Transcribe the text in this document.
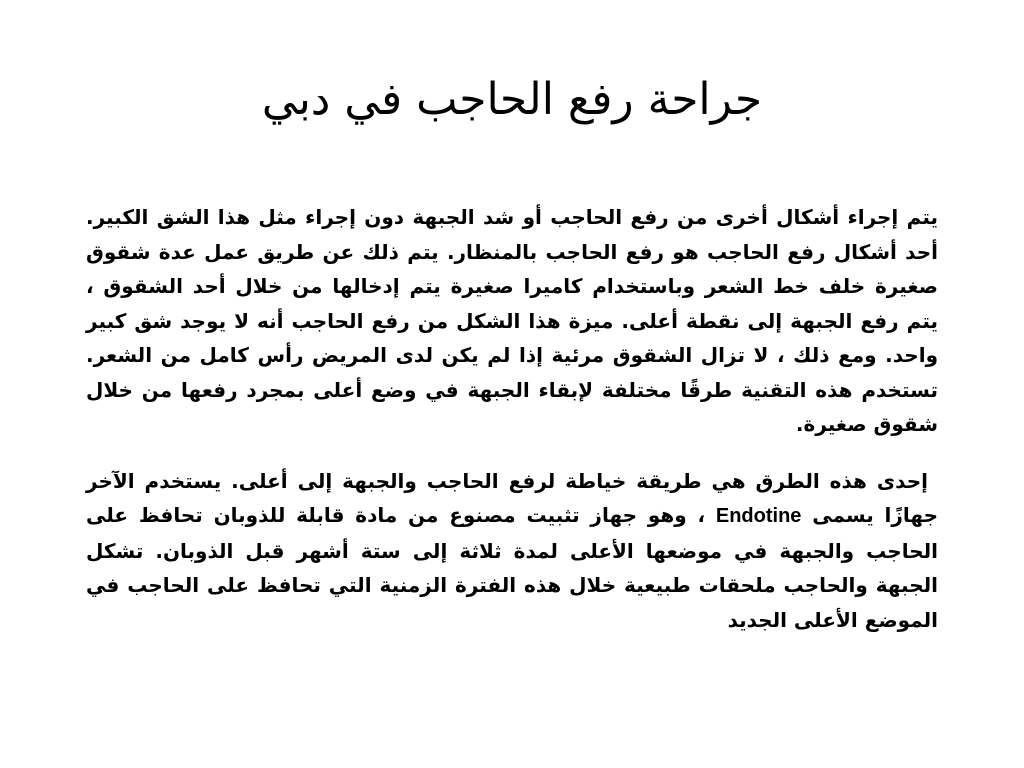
جراحة رفع الحاجب في دبي

يتم إجراء أشكال أخرى من رفع الحاجب أو شد الجبهة دون إجراء مثل هذا الشق الكبير. أحد أشكال رفع الحاجب هو رفع الحاجب بالمنظار. يتم ذلك عن طريق عمل عدة شقوق صغيرة خلف خط الشعر وباستخدام كاميرا صغيرة يتم إدخالها من خلال أحد الشقوق ، يتم رفع الجبهة إلى نقطة أعلى. ميزة هذا الشكل من رفع الحاجب أنه لا يوجد شق كبير واحد. ومع ذلك ، لا تزال الشقوق مرئية إذا لم يكن لدى المريض رأس كامل من الشعر. تستخدم هذه التقنية طرقًا مختلفة لإبقاء الجبهة في وضع أعلى بمجرد رفعها من خلال شقوق صغيرة.

إحدى هذه الطرق هي طريقة خياطة لرفع الحاجب والجبهة إلى أعلى. يستخدم الآخر جهازًا يسمى Endotine ، وهو جهاز تثبيت مصنوع من مادة قابلة للذوبان تحافظ على الحاجب والجبهة في موضعها الأعلى لمدة ثلاثة إلى ستة أشهر قبل الذوبان. تشكل الجبهة والحاجب ملحقات طبيعية خلال هذه الفترة الزمنية التي تحافظ على الحاجب في الموضع الأعلى الجديد
